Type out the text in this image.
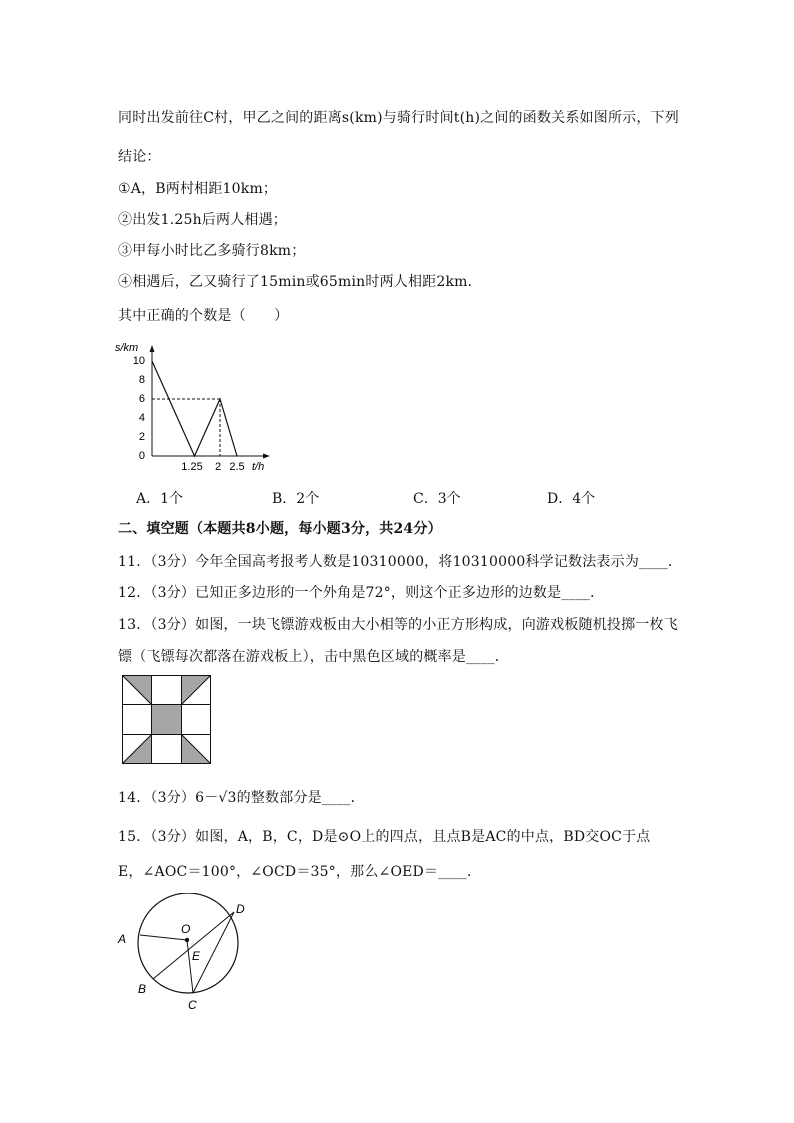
同时出发前往C村，甲乙之间的距离s(km)与骑行时间t(h)之间的函数关系如图所示，下列
结论：
①A，B两村相距10km；
②出发1.25h后两人相遇；
③甲每小时比乙多骑行8km；
④相遇后，乙又骑行了15min或65min时两人相距2km．
其中正确的个数是（　　）
s/km
t/h
10
8
6
4
2
0
1.25 2 2.5
A．1个	B．2个	C．3个	D．4个
二、填空题（本题共8小题，每小题3分，共24分）
11．（3分）今年全国高考报考人数是10310000，将10310000科学记数法表示为____．
12．（3分）已知正多边形的一个外角是72°，则这个正多边形的边数是____．
13．（3分）如图，一块飞镖游戏板由大小相等的小正方形构成，向游戏板随机投掷一枚飞
镖（飞镖每次都落在游戏板上），击中黑色区域的概率是____．
14．（3分）6－√3的整数部分是____．
15．（3分）如图，A，B，C，D是⊙O上的四点，且点B是AC的中点，BD交OC于点
E，∠AOC＝100°，∠OCD＝35°，那么∠OED＝____．
A
B
C
D
O
E
